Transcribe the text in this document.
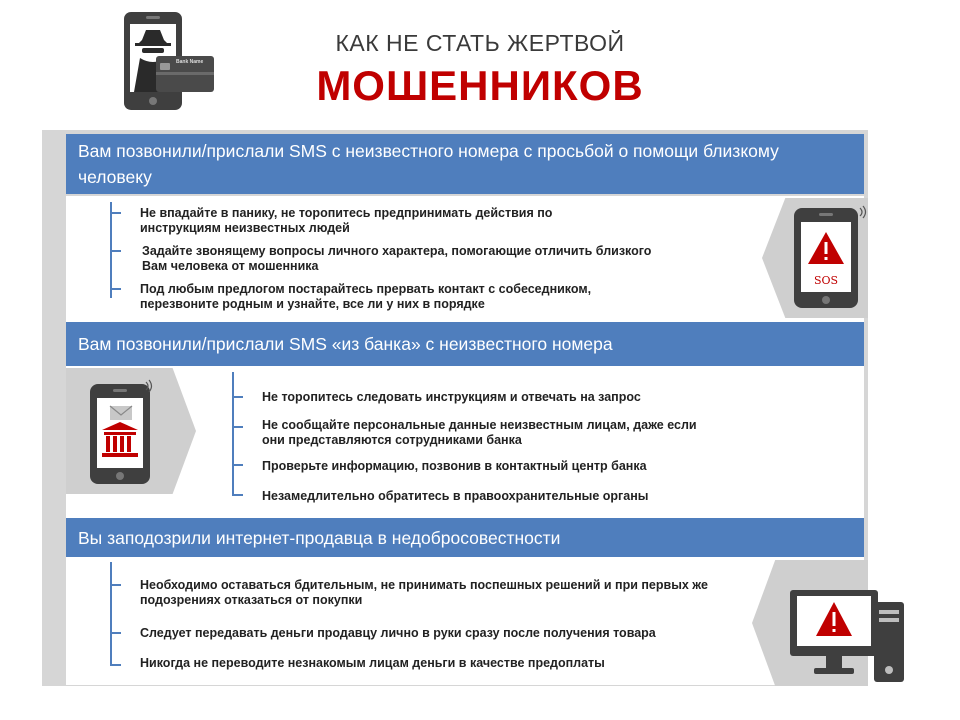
Bank Name
КАК НЕ СТАТЬ ЖЕРТВОЙ
МОШЕННИКОВ
Вам позвонили/прислали SMS с неизвестного номера с просьбой о помощи близкому человеку
Вам позвонили/прислали SMS «из банка» с неизвестного номера
Вы заподозрили интернет-продавца в недобросовестности
Не впадайте в панику, не торопитесь предпринимать действия по инструкциям неизвестных людей
Задайте звонящему вопросы личного характера, помогающие отличить близкого Вам человека от мошенника
Под любым предлогом постарайтесь прервать контакт с собеседником, перезвоните родным и узнайте, все ли у них в порядке
SOS
Не торопитесь следовать инструкциям и отвечать на запрос
Не сообщайте персональные данные неизвестным лицам, даже если они представляются сотрудниками банка
Проверьте информацию, позвонив в контактный центр банка
Незамедлительно обратитесь в правоохранительные органы
Необходимо оставаться бдительным, не принимать поспешных решений и при первых же подозрениях отказаться от покупки
Следует передавать деньги продавцу лично в руки сразу после получения товара
Никогда не переводите незнакомым лицам деньги в качестве предоплаты
